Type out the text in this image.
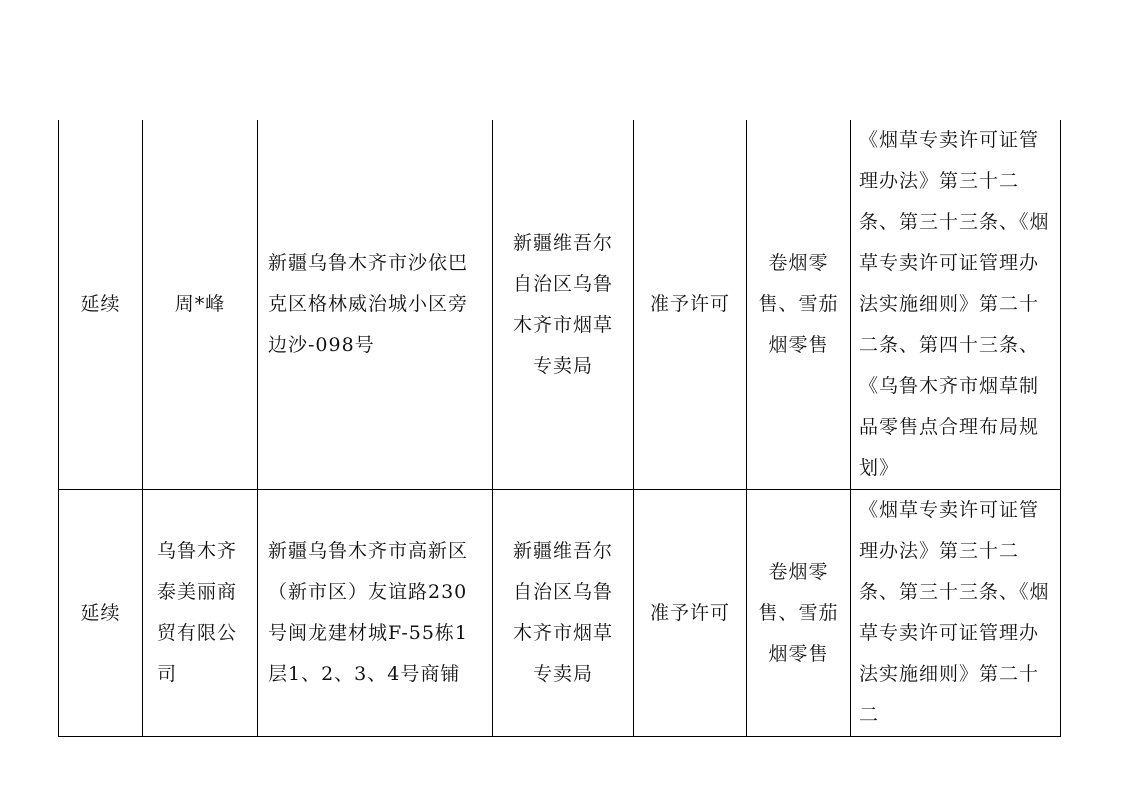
延续	周*峰	新疆乌鲁木齐市沙依巴克区格林威治城小区旁边沙-098号	新疆维吾尔自治区乌鲁木齐市烟草专卖局	准予许可	卷烟零售、雪茄烟零售	《烟草专卖许可证管理办法》第三十二条、第三十三条、《烟草专卖许可证管理办法实施细则》第二十二条、第四十三条、《乌鲁木齐市烟草制品零售点合理布局规划》

延续	乌鲁木齐泰美丽商贸有限公司	新疆乌鲁木齐市高新区（新市区）友谊路230号闽龙建材城F-55栋1层1、2、3、4号商铺	新疆维吾尔自治区乌鲁木齐市烟草专卖局	准予许可	卷烟零售、雪茄烟零售	《烟草专卖许可证管理办法》第三十二条、第三十三条、《烟草专卖许可证管理办法实施细则》第二十二
